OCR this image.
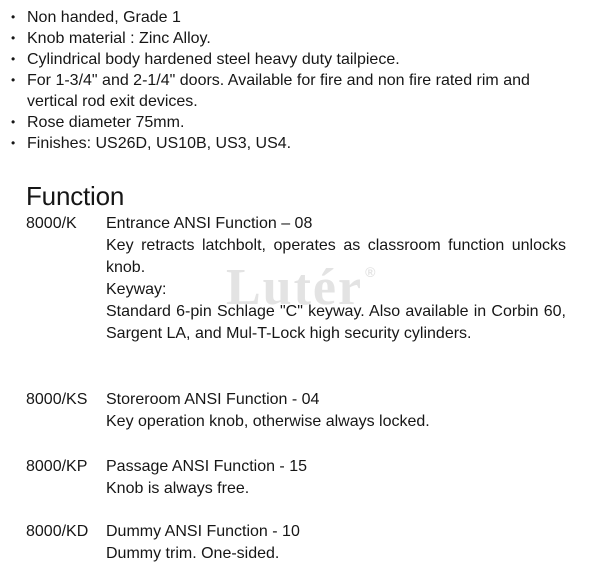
Lutér ®
• Non handed, Grade 1
• Knob material : Zinc Alloy.
• Cylindrical body hardened steel heavy duty tailpiece.
• For 1-3/4" and 2-1/4" doors. Available for fire and non fire rated rim and vertical rod exit devices.
• Rose diameter 75mm.
• Finishes: US26D, US10B, US3, US4.
Function
8000/K Entrance ANSI Function – 08

Key retracts latchbolt, operates as classroom function unlocks knob.

Keyway:

Standard 6-pin Schlage "C" keyway. Also available in Corbin 60, Sargent LA, and Mul-T-Lock high security cylinders.

8000/KS Storeroom ANSI Function - 04

Key operation knob, otherwise always locked.

8000/KP Passage ANSI Function - 15

Knob is always free.

8000/KD Dummy ANSI Function - 10

Dummy trim. One-sided.
